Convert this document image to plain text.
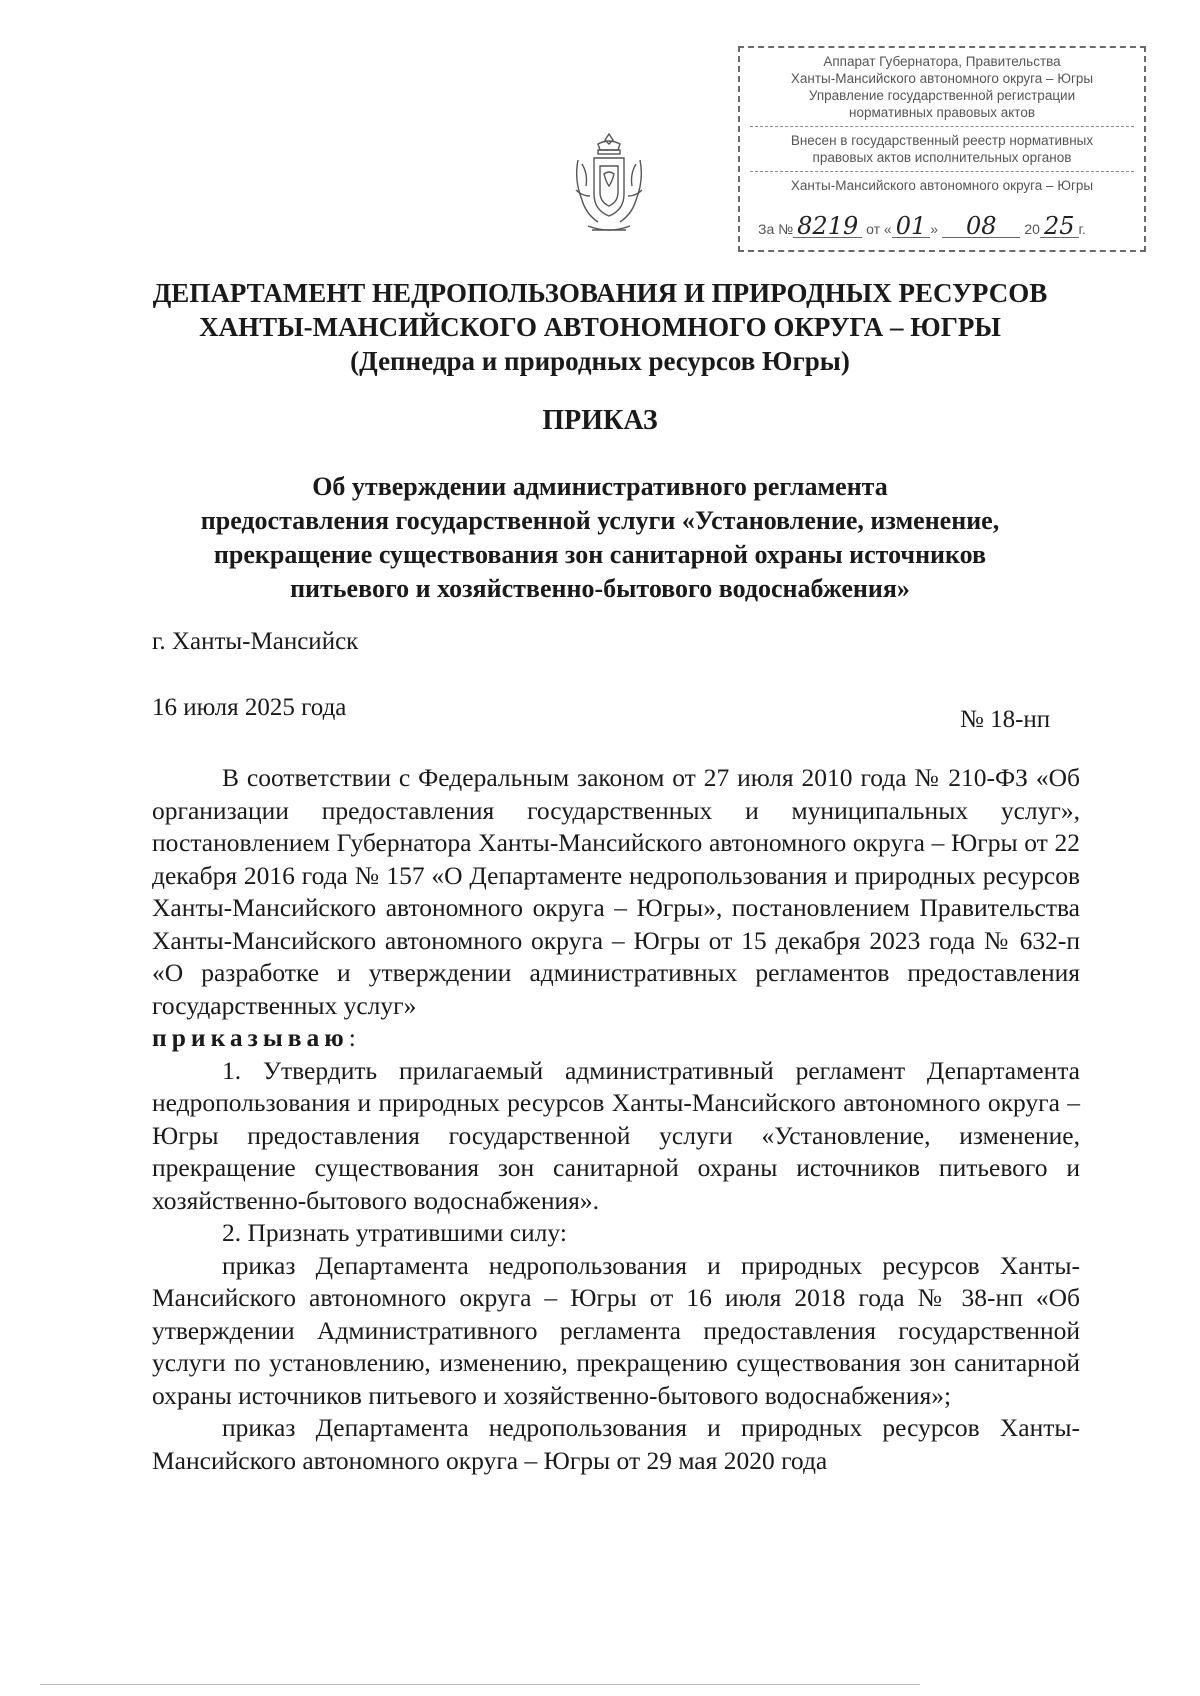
Аппарат Губернатора, Правительства
Ханты-Мансийского автономного округа – Югры
Управление государственной регистрации
нормативных правовых актов
Внесен в государственный реестр нормативных
правовых актов исполнительных органов
Ханты-Мансийского автономного округа – Югры
За № 8219 от « 01 » 08 20 25 г.
ДЕПАРТАМЕНТ НЕДРОПОЛЬЗОВАНИЯ И ПРИРОДНЫХ РЕСУРСОВ
ХАНТЫ-МАНСИЙСКОГО АВТОНОМНОГО ОКРУГА – ЮГРЫ
(Депнедра и природных ресурсов Югры)
ПРИКАЗ
Об утверждении административного регламента
предоставления государственной услуги «Установление, изменение,
прекращение существования зон санитарной охраны источников
питьевого и хозяйственно-бытового водоснабжения»

г. Ханты-Мансийск

16 июля 2025 года	№ 18-нп

В соответствии с Федеральным законом от 27 июля 2010 года № 210-ФЗ «Об организации предоставления государственных и муниципальных услуг», постановлением Губернатора Ханты-Мансийского автономного округа – Югры от 22 декабря 2016 года № 157 «О Департаменте недропользования и природных ресурсов Ханты-Мансийского автономного округа – Югры», постановлением Правительства Ханты-Мансийского автономного округа – Югры от 15 декабря 2023 года № 632-п «О разработке и утверждении административных регламентов предоставления государственных услуг»

приказываю:

1. Утвердить прилагаемый административный регламент Департамента недропользования и природных ресурсов Ханты-Мансийского автономного округа – Югры предоставления государственной услуги «Установление, изменение, прекращение существования зон санитарной охраны источников питьевого и хозяйственно-бытового водоснабжения».

2. Признать утратившими силу:

приказ Департамента недропользования и природных ресурсов Ханты-Мансийского автономного округа – Югры от 16 июля 2018 года № 38-нп «Об утверждении Административного регламента предоставления государственной услуги по установлению, изменению, прекращению существования зон санитарной охраны источников питьевого и хозяйственно-бытового водоснабжения»;

приказ Департамента недропользования и природных ресурсов Ханты-Мансийского автономного округа – Югры от 29 мая 2020 года
